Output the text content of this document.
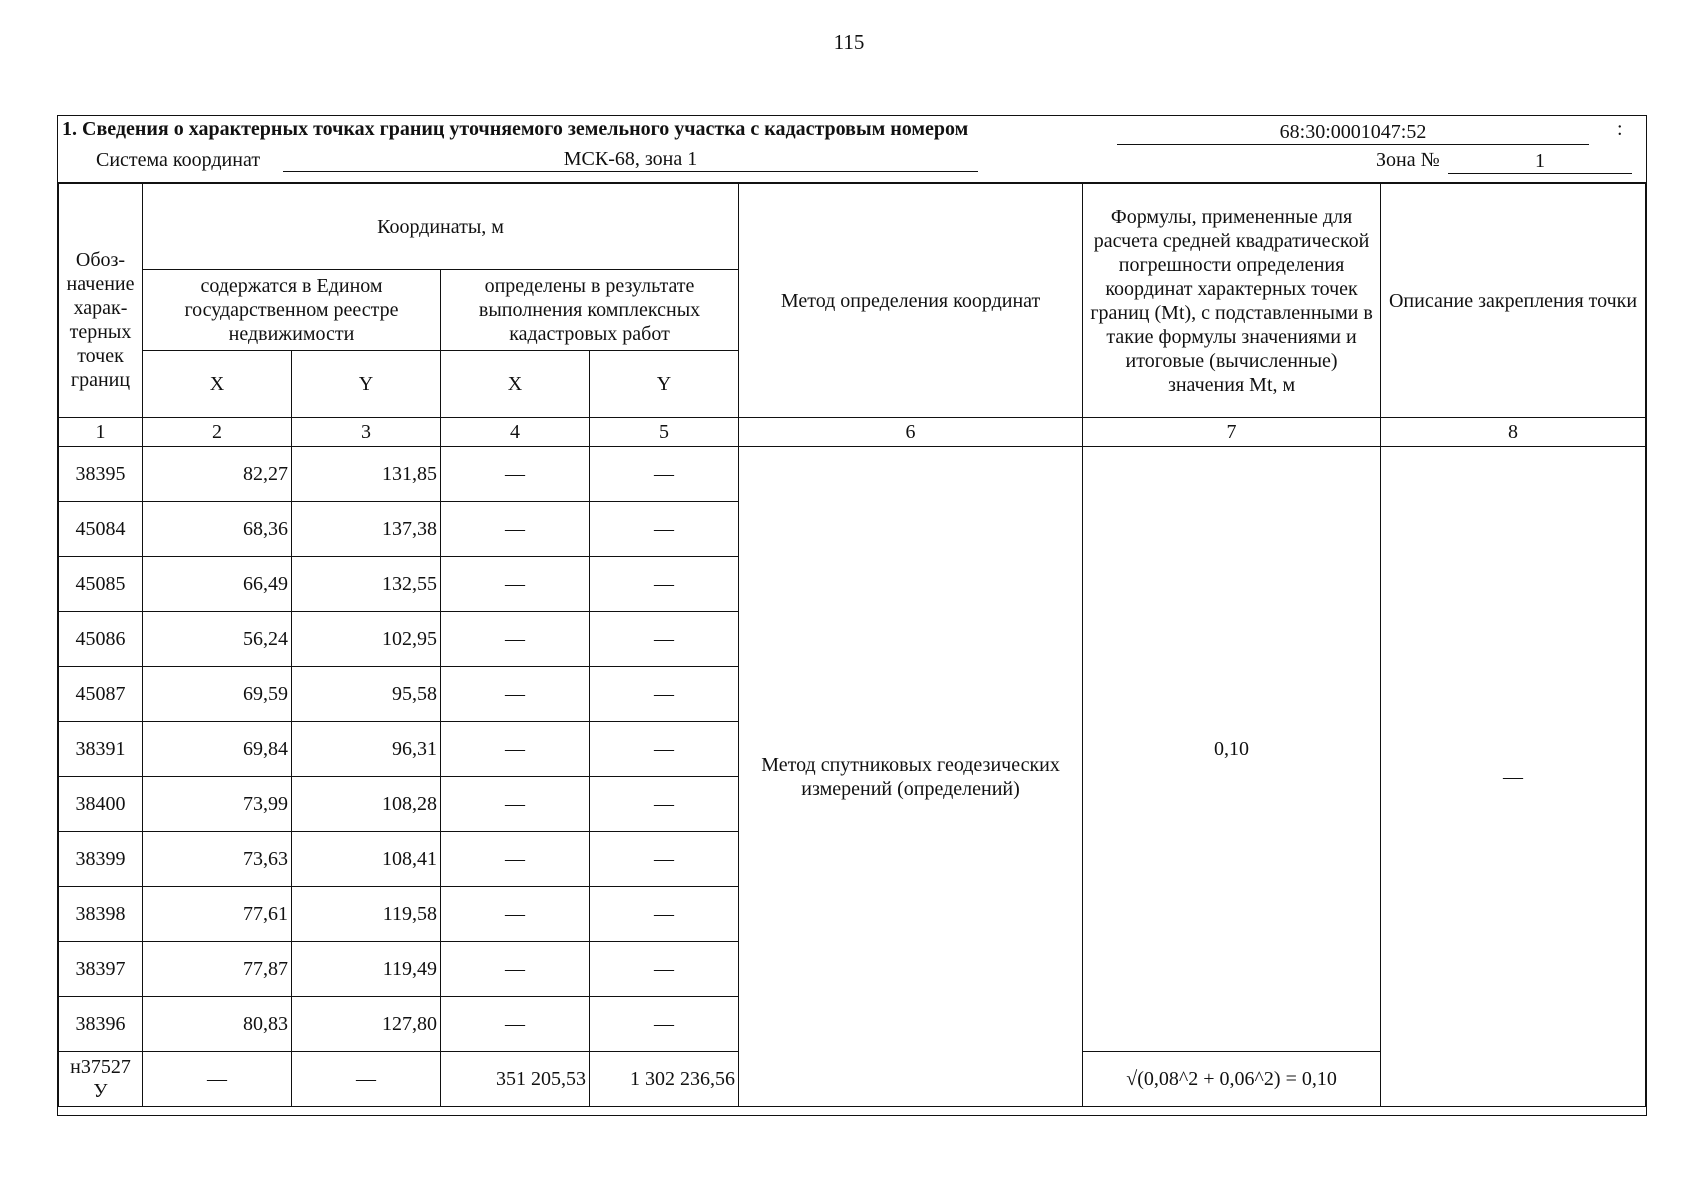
115
1. Сведения о характерных точках границ уточняемого земельного участка с кадастровым номером	68:30:0001047:52	:
Система координат	МСК-68, зона 1	Зона №	1
Обоз-начение харак-терных точек границ	Координаты, м				Метод определения координат	Формулы, примененные для расчета средней квадратической погрешности определения координат характерных точек границ (Mt), с подставленными в такие формулы значениями и итоговые (вычисленные) значения Mt, м	Описание закрепления точки
	содержатся в Едином государственном реестре недвижимости		определены в результате выполнения комплексных кадастровых работ				
	X	Y	X	Y			
1	2	3	4	5	6	7	8
38395	82,27	131,85	—	—	Метод спутниковых геодезических измерений (определений)	0,10	—
45084	68,36	137,38	—	—			
45085	66,49	132,55	—	—			
45086	56,24	102,95	—	—			
45087	69,59	95,58	—	—			
38391	69,84	96,31	—	—			
38400	73,99	108,28	—	—			
38399	73,63	108,41	—	—			
38398	77,61	119,58	—	—			
38397	77,87	119,49	—	—			
38396	80,83	127,80	—	—			
н37527 У	—	—	351 205,53	1 302 236,56		√(0,08^2 + 0,06^2) = 0,10	
